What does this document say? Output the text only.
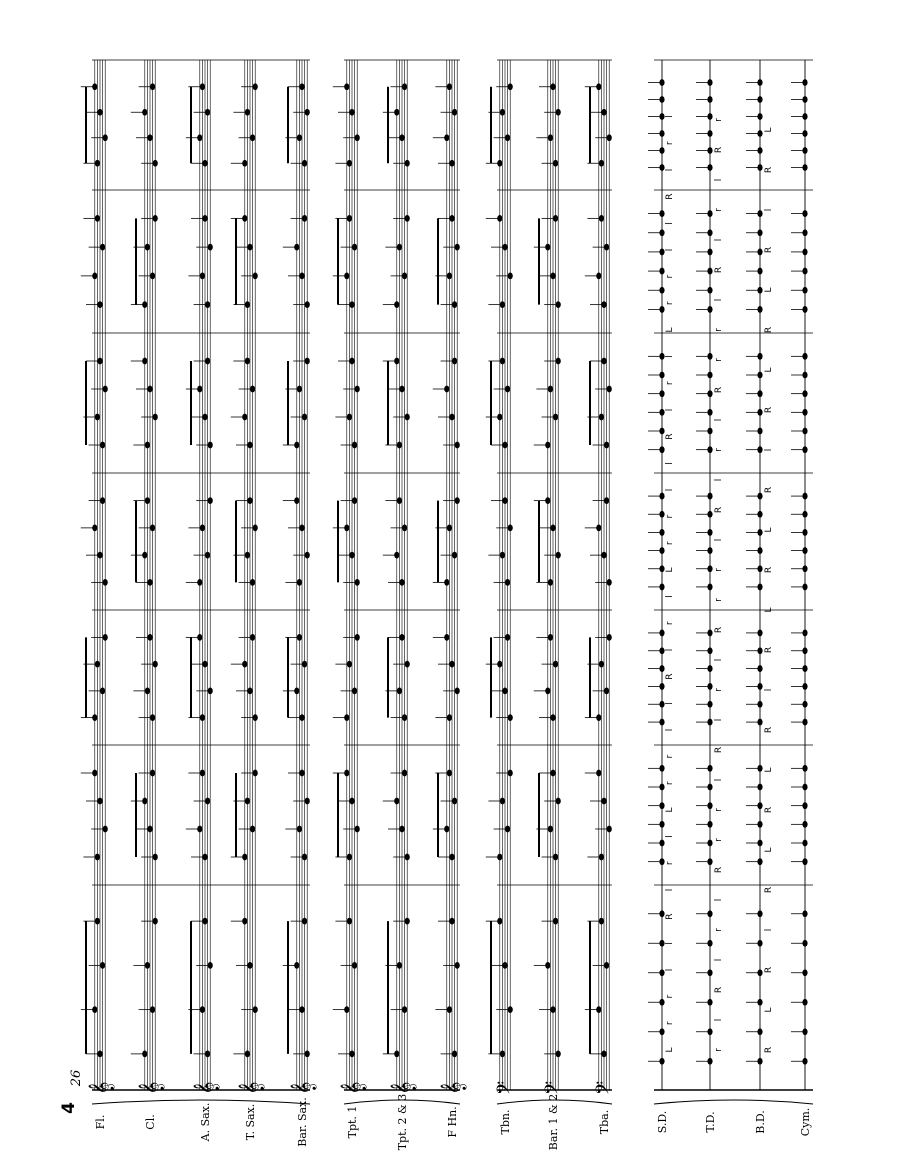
𝄞 𝄞 𝄞 𝄞 𝄞 𝄞 𝄞 𝄞 𝄢 𝄢 𝄢
L
r
r
l
l
R
l
r
l
L
r
r
l
l
R
l
r
l
L
r
r
l
l
R
l
r
l
L
r
r
l
l
R
l
r
l
r
l
R
l
r
l
R
r
r
l
R
l
r
l
R
r
r
l
R
l
r
l
R
r
r
l
R
l
r
l
R
r
R
L
R
l
R
L
R
L
R
l
R
L
R
L
R
l
R
L
R
L
R
l
R
L
Fl.	Cl.	A. Sax.	T. Sax.	Bar. Sax.	Tpt. 1	Tpt. 2 & 3	F Hn.	Tbn.	Bar. 1 & 2	Tba.	S.D.	T.D.	B.D.	Cym.
4
26
